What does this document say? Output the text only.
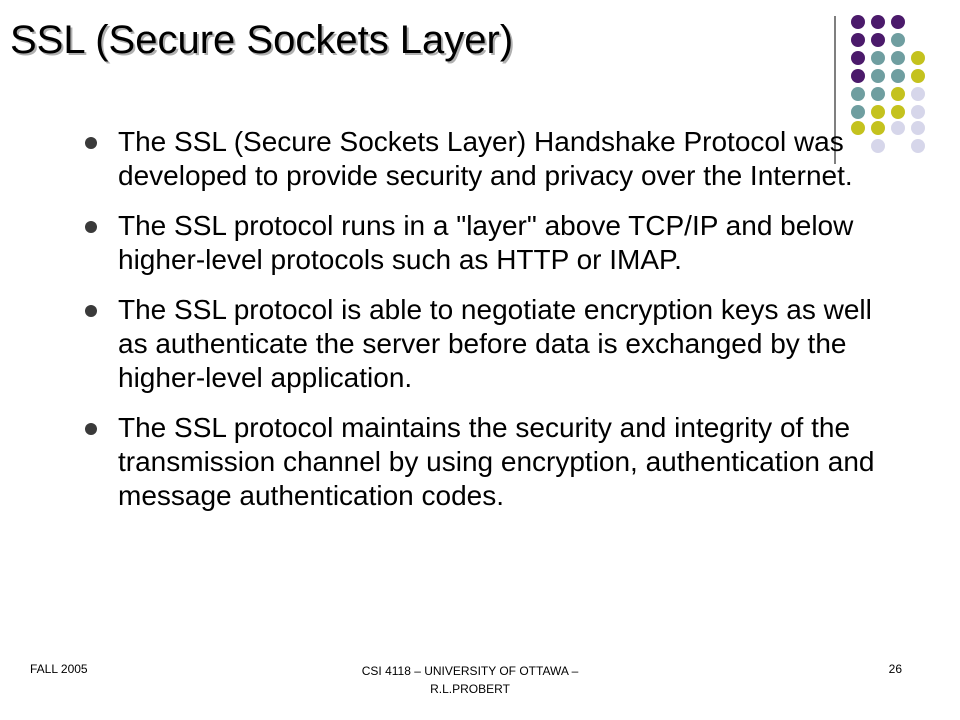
SSL (Secure Sockets Layer)
The SSL (Secure Sockets Layer) Handshake Protocol was developed to provide security and privacy over the Internet.
The SSL protocol runs in a "layer" above TCP/IP and below higher-level protocols such as HTTP or IMAP.
The SSL protocol is able to negotiate encryption keys as well as authenticate the server before data is exchanged by the higher-level application.
The SSL protocol maintains the security and integrity of the transmission channel by using encryption, authentication and message authentication codes.
FALL 2005	CSI 4118 – UNIVERSITY OF OTTAWA –
R.L.PROBERT
26
